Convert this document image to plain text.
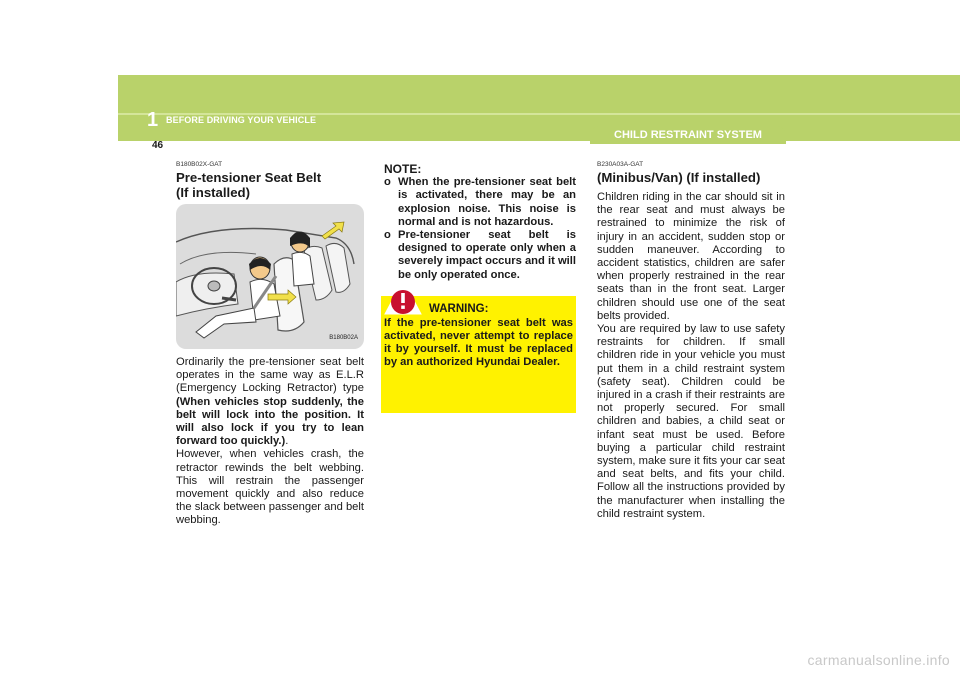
1 BEFORE DRIVING YOUR VEHICLE
46
CHILD RESTRAINT SYSTEM
B180B02X-GAT
Pre-tensioner Seat Belt
(If installed)
B180B02A

Ordinarily the pre-tensioner seat belt operates in the same way as E.L.R (Emergency Locking Retractor) type (When vehicles stop suddenly, the belt will lock into the position. It will also lock if you try to lean forward too quickly.).

However, when vehicles crash, the retractor rewinds the belt webbing. This will restrain the passenger movement quickly and also reduce the slack between passenger and belt webbing.

NOTE:
o When the pre-tensioner seat belt is activated, there may be an explosion noise. This noise is normal and is not hazardous.
o Pre-tensioner seat belt is designed to operate only when a severely impact occurs and it will be only operated once.
WARNING:
If the pre-tensioner seat belt was activated, never attempt to replace it by yourself. It must be replaced by an authorized Hyundai Dealer.
B230A03A-GAT
(Minibus/Van) (If installed)

Children riding in the car should sit in the rear seat and must always be restrained to minimize the risk of injury in an accident, sudden stop or sudden maneuver. According to accident statistics, children are safer when properly restrained in the rear seats than in the front seat. Larger children should use one of the seat belts provided.

You are required by law to use safety restraints for children. If small children ride in your vehicle you must put them in a child restraint system (safety seat). Children could be injured in a crash if their restraints are not properly secured. For small children and babies, a child seat or infant seat must be used. Before buying a particular child restraint system, make sure it fits your car seat and seat belts, and fits your child. Follow all the instructions provided by the manufacturer when installing the child restraint system.

carmanualsonline.info
